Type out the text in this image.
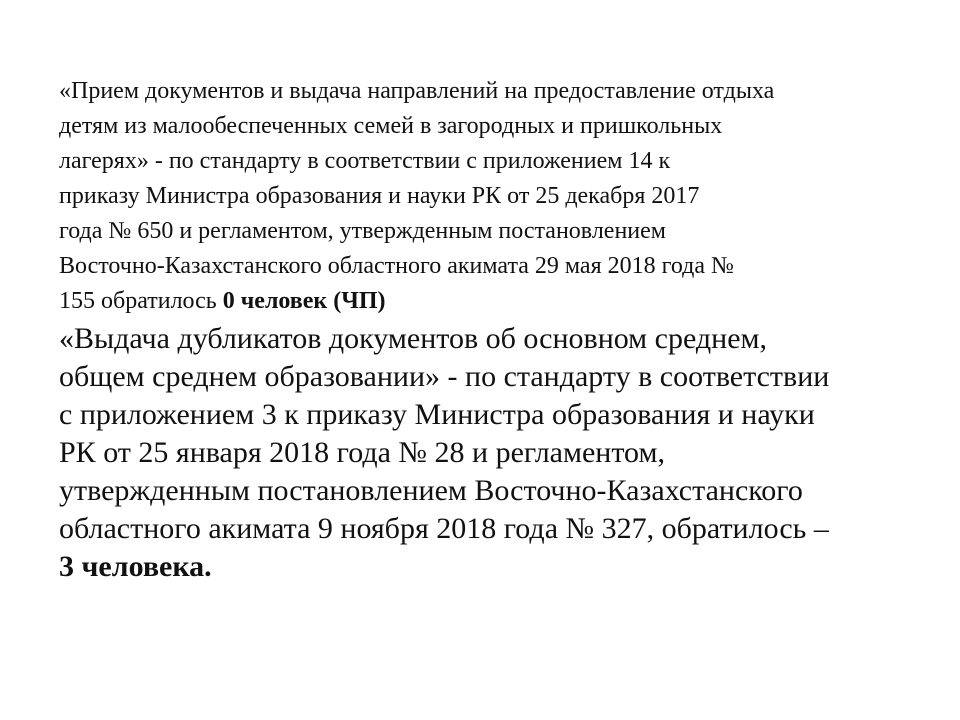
«Прием документов и выдача направлений на предоставление отдыха
детям из малообеспеченных семей в загородных и пришкольных
лагерях» - по стандарту в соответствии с приложением 14 к
приказу Министра образования и науки РК от 25 декабря 2017
года № 650 и регламентом, утвержденным постановлением
Восточно-Казахстанского областного акимата 29 мая 2018 года №
155 обратилось 0 человек (ЧП)
«Выдача дубликатов документов об основном среднем,
общем среднем образовании» - по стандарту в соответствии
с приложением 3 к приказу Министра образования и науки
РК от 25 января 2018 года № 28 и регламентом,
утвержденным постановлением Восточно-Казахстанского
областного акимата 9 ноября 2018 года № 327, обратилось –
3 человека.
